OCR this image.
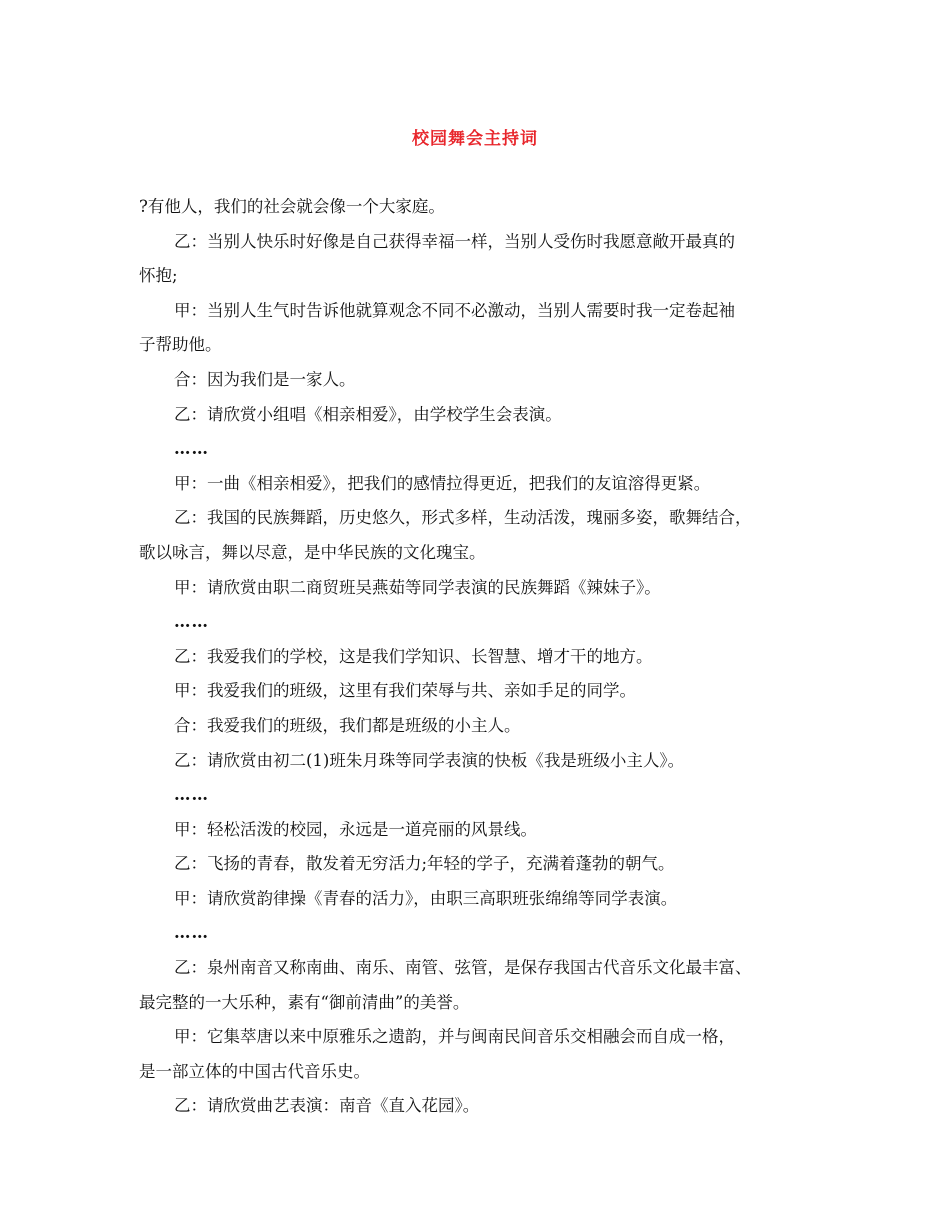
校园舞会主持词
?有他人，我们的社会就会像一个大家庭。
乙：当别人快乐时好像是自己获得幸福一样，当别人受伤时我愿意敞开最真的
怀抱;
甲：当别人生气时告诉他就算观念不同不必激动，当别人需要时我一定卷起袖
子帮助他。
合：因为我们是一家人。
乙：请欣赏小组唱《相亲相爱》，由学校学生会表演。
……
甲：一曲《相亲相爱》，把我们的感情拉得更近，把我们的友谊溶得更紧。
乙：我国的民族舞蹈，历史悠久，形式多样，生动活泼，瑰丽多姿，歌舞结合，
歌以咏言，舞以尽意，是中华民族的文化瑰宝。
甲：请欣赏由职二商贸班吴燕茹等同学表演的民族舞蹈《辣妹子》。
……
乙：我爱我们的学校，这是我们学知识、长智慧、增才干的地方。
甲：我爱我们的班级，这里有我们荣辱与共、亲如手足的同学。
合：我爱我们的班级，我们都是班级的小主人。
乙：请欣赏由初二(1)班朱月珠等同学表演的快板《我是班级小主人》。
……
甲：轻松活泼的校园，永远是一道亮丽的风景线。
乙：飞扬的青春，散发着无穷活力;年轻的学子，充满着蓬勃的朝气。
甲：请欣赏韵律操《青春的活力》，由职三高职班张绵绵等同学表演。
……
乙：泉州南音又称南曲、南乐、南管、弦管，是保存我国古代音乐文化最丰富、
最完整的一大乐种，素有“御前清曲”的美誉。
甲：它集萃唐以来中原雅乐之遗韵，并与闽南民间音乐交相融会而自成一格，
是一部立体的中国古代音乐史。
乙：请欣赏曲艺表演：南音《直入花园》。
